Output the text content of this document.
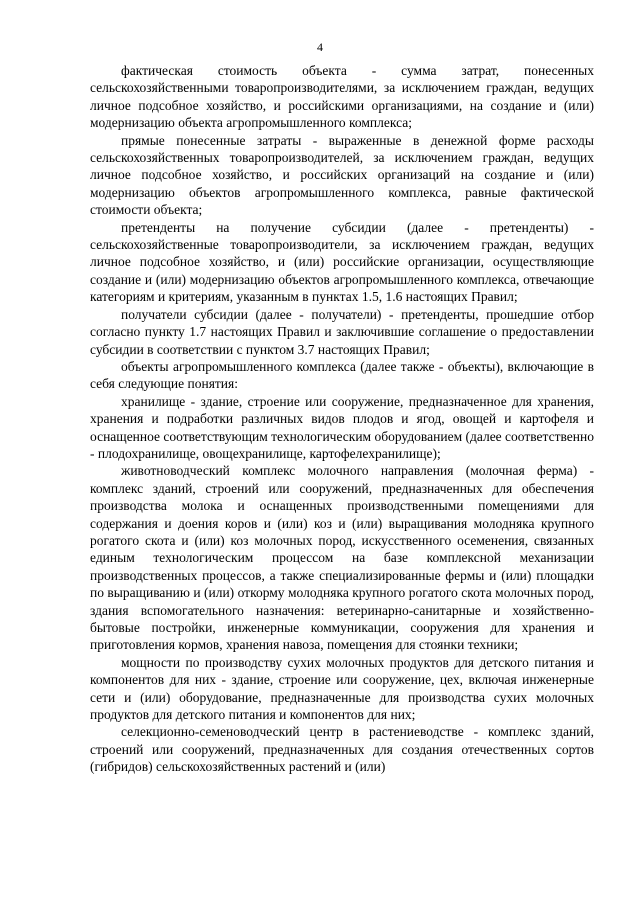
4

фактическая стоимость объекта - сумма затрат, понесенных сельскохозяйственными товаропроизводителями, за исключением граждан, ведущих личное подсобное хозяйство, и российскими организациями, на создание и (или) модернизацию объекта агропромышленного комплекса;

прямые понесенные затраты - выраженные в денежной форме расходы сельскохозяйственных товаропроизводителей, за исключением граждан, ведущих личное подсобное хозяйство, и российских организаций на создание и (или) модернизацию объектов агропромышленного комплекса, равные фактической стоимости объекта;

претенденты на получение субсидии (далее - претенденты) - сельскохозяйственные товаропроизводители, за исключением граждан, ведущих личное подсобное хозяйство, и (или) российские организации, осуществляющие создание и (или) модернизацию объектов агропромышленного комплекса, отвечающие категориям и критериям, указанным в пунктах 1.5, 1.6 настоящих Правил;

получатели субсидии (далее - получатели) - претенденты, прошедшие отбор согласно пункту 1.7 настоящих Правил и заключившие соглашение о предоставлении субсидии в соответствии с пунктом 3.7 настоящих Правил;

объекты агропромышленного комплекса (далее также - объекты), включающие в себя следующие понятия:

хранилище - здание, строение или сооружение, предназначенное для хранения, хранения и подработки различных видов плодов и ягод, овощей и картофеля и оснащенное соответствующим технологическим оборудованием (далее соответственно - плодохранилище, овощехранилище, картофелехранилище);

животноводческий комплекс молочного направления (молочная ферма) - комплекс зданий, строений или сооружений, предназначенных для обеспечения производства молока и оснащенных производственными помещениями для содержания и доения коров и (или) коз и (или) выращивания молодняка крупного рогатого скота и (или) коз молочных пород, искусственного осеменения, связанных единым технологическим процессом на базе комплексной механизации производственных процессов, а также специализированные фермы и (или) площадки по выращиванию и (или) откорму молодняка крупного рогатого скота молочных пород, здания вспомогательного назначения: ветеринарно-санитарные и хозяйственно-бытовые постройки, инженерные коммуникации, сооружения для хранения и приготовления кормов, хранения навоза, помещения для стоянки техники;

мощности по производству сухих молочных продуктов для детского питания и компонентов для них - здание, строение или сооружение, цех, включая инженерные сети и (или) оборудование, предназначенные для производства сухих молочных продуктов для детского питания и компонентов для них;

селекционно-семеноводческий центр в растениеводстве - комплекс зданий, строений или сооружений, предназначенных для создания отечественных сортов (гибридов) сельскохозяйственных растений и (или)
